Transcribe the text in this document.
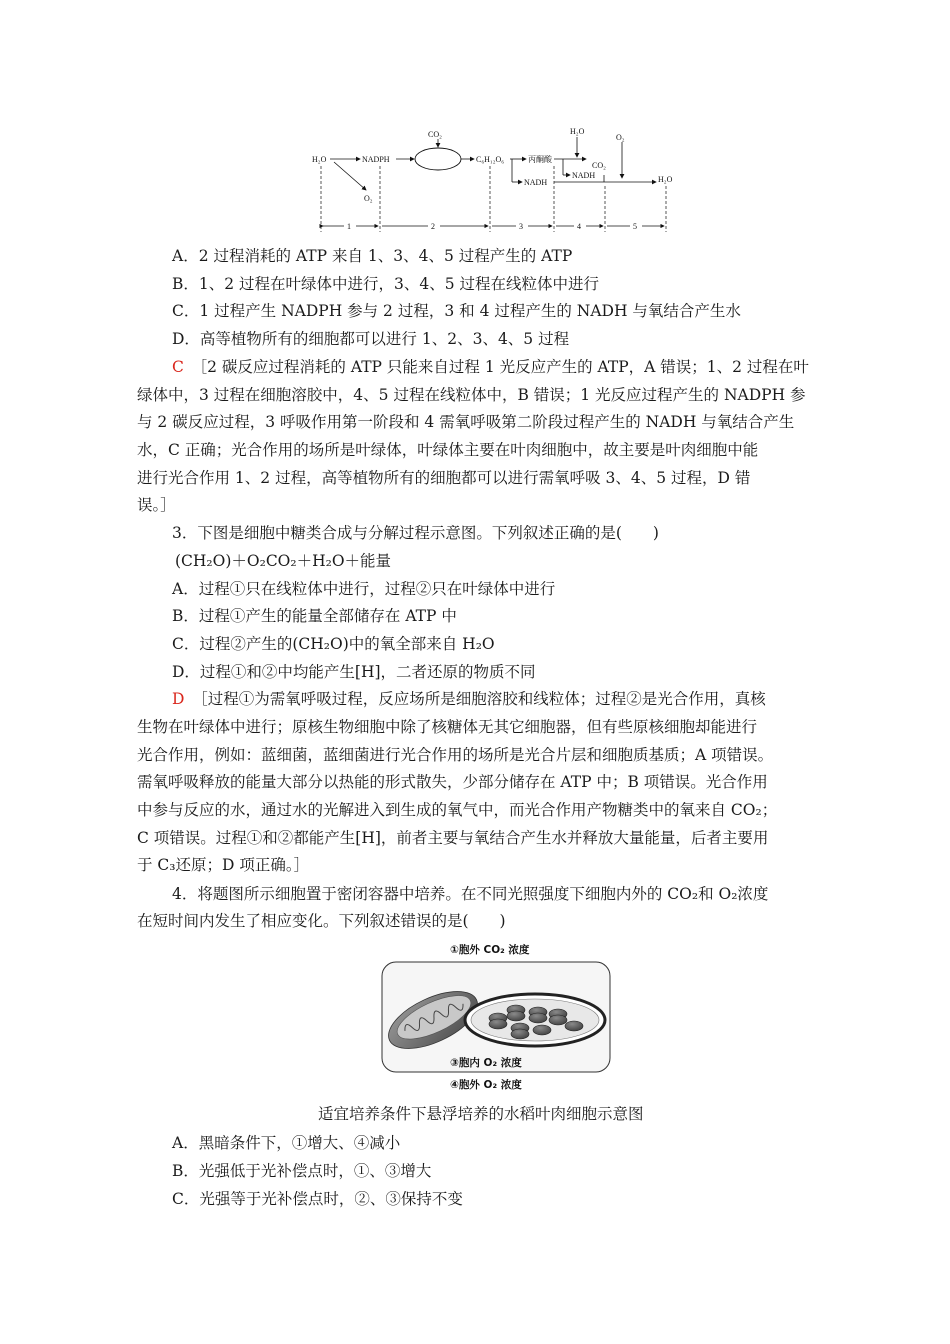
H₂O	NADPH
CO₂
C₆H₁₂O₆	丙酮酸
NADH
H₂O
CO₂
NADH
O₂
H₂O
O₂
1	2	3	4	5
A．2 过程消耗的 ATP 来自 1、3、4、5 过程产生的 ATP
B．1、2 过程在叶绿体中进行，3、4、5 过程在线粒体中进行
C．1 过程产生 NADPH 参与 2 过程，3 和 4 过程产生的 NADH 与氧结合产生水
D．高等植物所有的细胞都可以进行 1、2、3、4、5 过程
C　 ［2 碳反应过程消耗的 ATP 只能来自过程 1 光反应产生的 ATP，A 错误；1、2 过程在叶
绿体中，3 过程在细胞溶胶中，4、5 过程在线粒体中，B 错误；1 光反应过程产生的 NADPH 参
与 2 碳反应过程，3 呼吸作用第一阶段和 4 需氧呼吸第二阶段过程产生的 NADH 与氧结合产生
水，C 正确；光合作用的场所是叶绿体，叶绿体主要在叶肉细胞中，故主要是叶肉细胞中能
进行光合作用 1、2 过程，高等植物所有的细胞都可以进行需氧呼吸 3、4、5 过程，D 错
误。］
3．下图是细胞中糖类合成与分解过程示意图。下列叙述正确的是(　　)
(CH₂O)＋O₂CO₂＋H₂O＋能量
A．过程①只在线粒体中进行，过程②只在叶绿体中进行
B．过程①产生的能量全部储存在 ATP 中
C．过程②产生的(CH₂O)中的氧全部来自 H₂O
D．过程①和②中均能产生[H]，二者还原的物质不同
D　 ［过程①为需氧呼吸过程，反应场所是细胞溶胶和线粒体；过程②是光合作用，真核
生物在叶绿体中进行；原核生物细胞中除了核糖体无其它细胞器，但有些原核细胞却能进行
光合作用，例如：蓝细菌，蓝细菌进行光合作用的场所是光合片层和细胞质基质；A 项错误。
需氧呼吸释放的能量大部分以热能的形式散失，少部分储存在 ATP 中；B 项错误。光合作用
中参与反应的水，通过水的光解进入到生成的氧气中，而光合作用产物糖类中的氧来自 CO₂；
C 项错误。过程①和②都能产生[H]，前者主要与氧结合产生水并释放大量能量，后者主要用
于 C₃还原；D 项正确。］
4．将题图所示细胞置于密闭容器中培养。在不同光照强度下细胞内外的 CO₂和 O₂浓度
在短时间内发生了相应变化。下列叙述错误的是(　　)
①胞外 CO₂ 浓度
③胞内 O₂ 浓度
④胞外 O₂ 浓度
适宜培养条件下悬浮培养的水稻叶肉细胞示意图
A．黑暗条件下，①增大、④减小
B．光强低于光补偿点时，①、③增大
C．光强等于光补偿点时，②、③保持不变
